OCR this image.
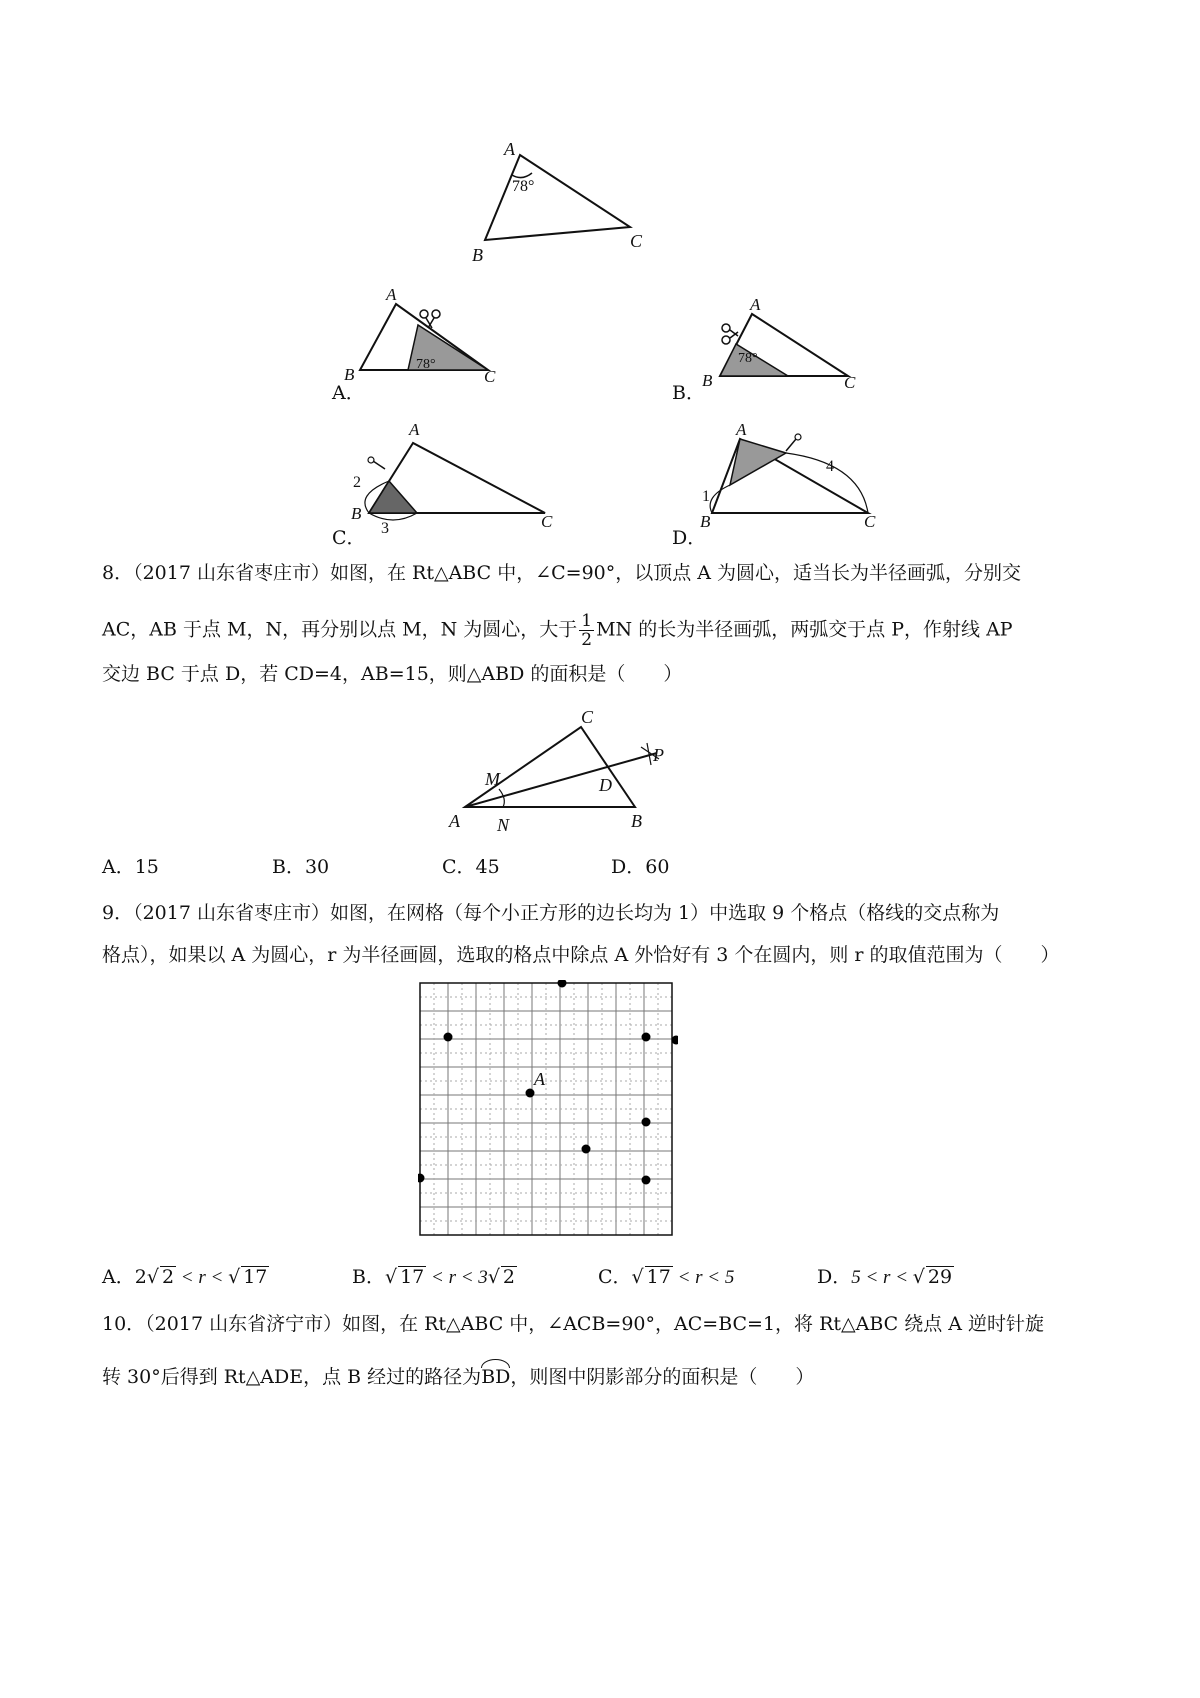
A
B
C
78°
A．
A
B	C
78°
B．
A
B	C
78°
C．
A
B	C
2
3	D．
A
B	C
1
4
8．（2017 山东省枣庄市）如图，在 Rt△ABC 中，∠C=90°，以顶点 A 为圆心，适当长为半径画弧，分别交
AC，AB 于点 M，N，再分别以点 M，N 为圆心，大于 $\frac{1}{2}$ MN 的长为半径画弧，两弧交于点 P，作射线 AP
交边 BC 于点 D，若 CD=4，AB=15，则△ABD 的面积是（　　）
C
M
A N
D
B
P
A．15	B．30	C．45	D．60
9．（2017 山东省枣庄市）如图，在网格（每个小正方形的边长均为 1）中选取 9 个格点（格线的交点称为
格点），如果以 A 为圆心，r 为半径画圆，选取的格点中除点 A 外恰好有 3 个在圆内，则 r 的取值范围为（　　）
A
A．2√ 2 < r < √ 17	B．√ 17 < r < 3√ 2	C．√ 17 < r < 5	D．5 < r < √ 29
10．（2017 山东省济宁市）如图，在 Rt△ABC 中，∠ACB=90°，AC=BC=1，将 Rt△ABC 绕点 A 逆时针旋
转 30°后得到 Rt△ADE，点 B 经过的路径为BD，则图中阴影部分的面积是（　　）
